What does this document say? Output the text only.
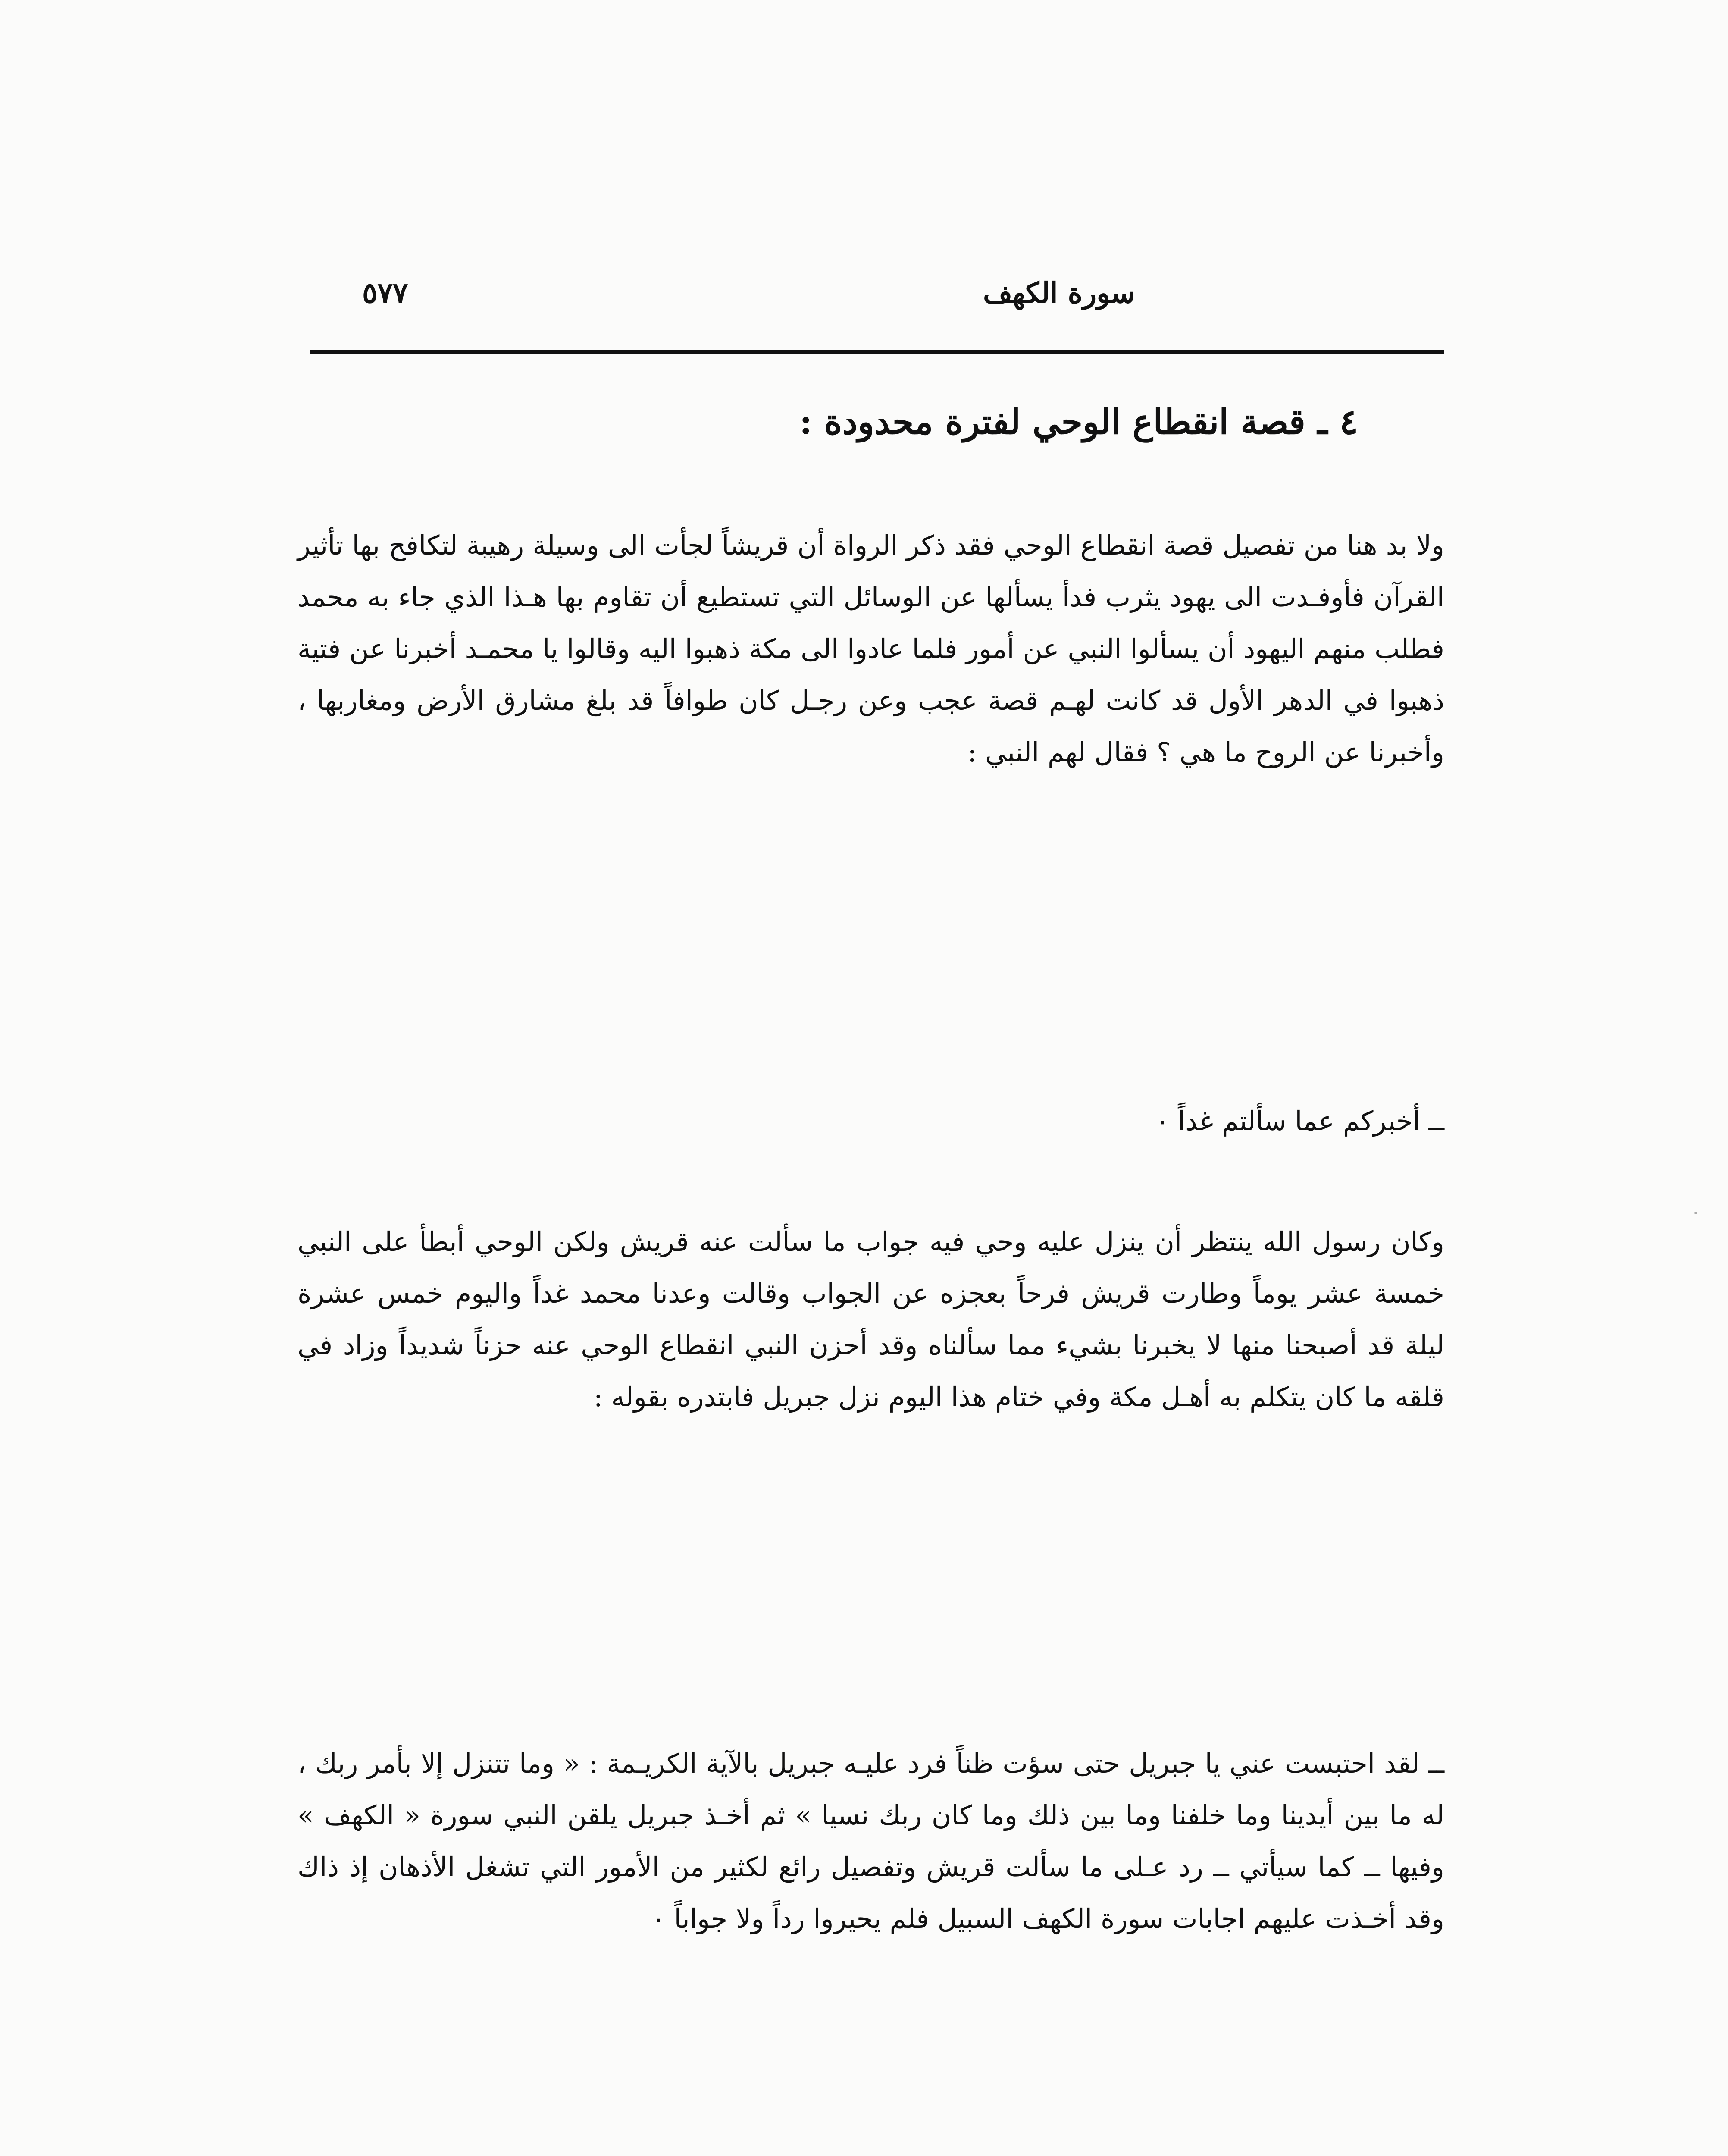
٥٧٧	سورة الكهف
٤ ـ قصة انقطاع الوحي لفترة محدودة :
ولا بد هنا من تفصيل قصة انقطاع الوحي فقد ذكر الرواة أن قريشاً لجأت الى وسيلة رهيبة لتكافح بها تأثير القرآن فأوفـدت الى يهود يثرب فدأ يسألها عن الوسائل التي تستطيع أن تقاوم بها هـذا الذي جاء به محمد فطلب منهم اليهود أن يسألوا النبي عن أمور فلما عادوا الى مكة ذهبوا اليه وقالوا يا محمـد أخبرنا عن فتية ذهبوا في الدهر الأول قد كانت لهـم قصة عجب وعن رجـل كان طوافاً قد بلغ مشارق الأرض ومغاربها ، وأخبرنا عن الروح ما هي ؟ فقال لهم النبي :
ــ أخبركم عما سألتم غداً ٠
وكان رسول الله ينتظر أن ينزل عليه وحي فيه جواب ما سألت عنه قريش ولكن الوحي أبطأ على النبي خمسة عشر يوماً وطارت قريش فرحاً بعجزه عن الجواب وقالت وعدنا محمد غداً واليوم خمس عشرة ليلة قد أصبحنا منها لا يخبرنا بشيء مما سألناه وقد أحزن النبي انقطاع الوحي عنه حزناً شديداً وزاد في قلقه ما كان يتكلم به أهـل مكة وفي ختام هذا اليوم نزل جبريل فابتدره بقوله :
ــ لقد احتبست عني يا جبريل حتى سؤت ظناً فرد عليـه جبريل بالآية الكريـمة : « وما تتنزل إلا بأمر ربك ، له ما بين أيدينا وما خلفنا وما بين ذلك وما كان ربك نسيا » ثم أخـذ جبريل يلقن النبي سورة « الكهف » وفيها ــ كما سيأتي ــ رد عـلى ما سألت قريش وتفصيل رائع لكثير من الأمور التي تشغل الأذهان إذ ذاك وقد أخـذت عليهم اجابات سورة الكهف السبيل فلم يحيروا رداً ولا جواباً ٠
